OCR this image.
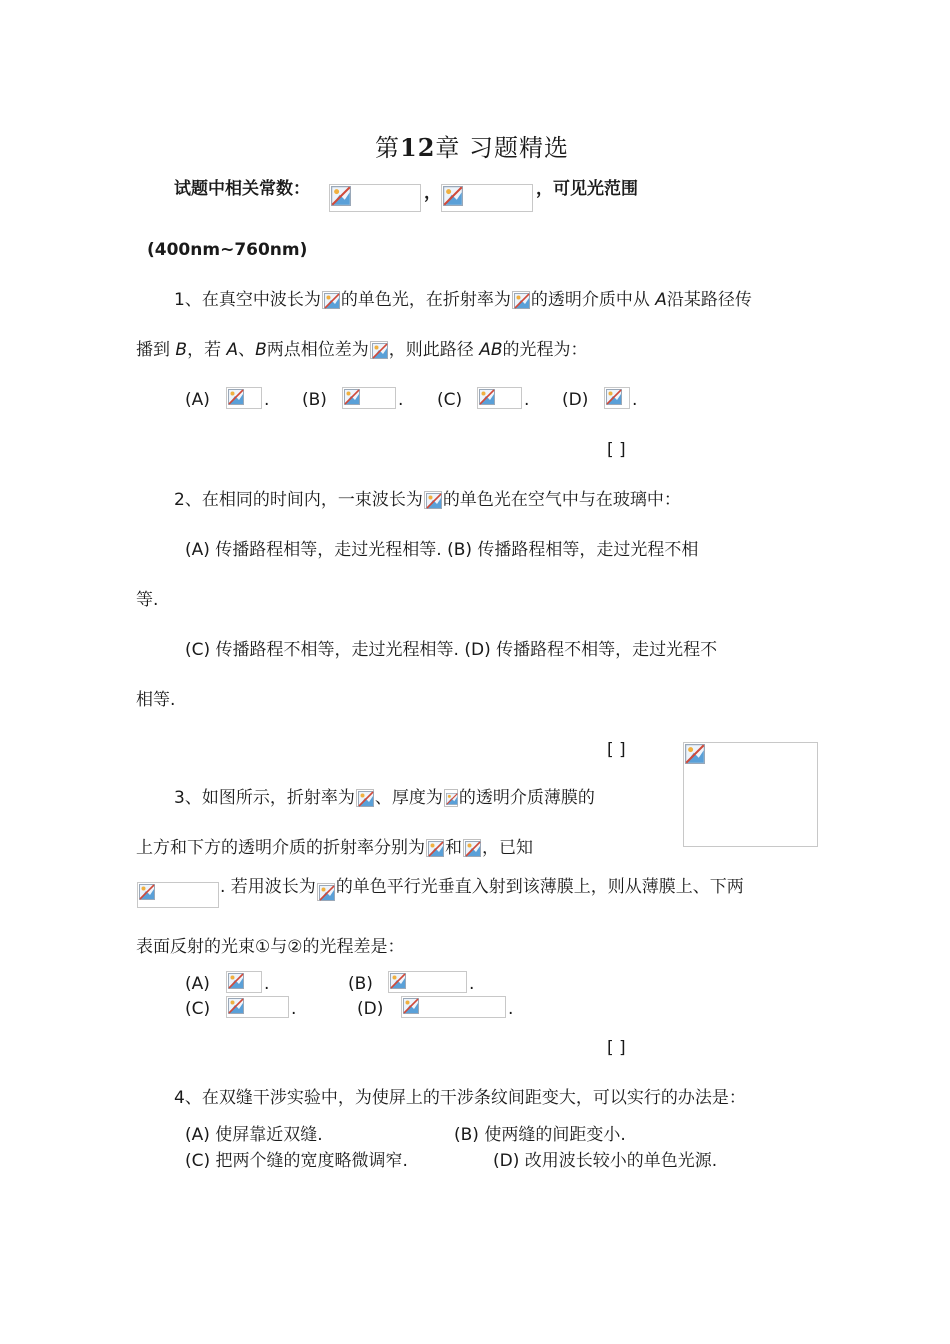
第12章 习题精选
试题中相关常数：	，	，可见光范围
(400nm~760nm)
1、在真空中波长为 的单色光，在折射率为 的透明介质中从 A沿某路径传
播到 B，若 A、B两点相位差为 ，则此路径 AB的光程为：
(A)	. (B)	. (C)	. (D)	.
[ ]
2、在相同的时间内，一束波长为 的单色光在空气中与在玻璃中：
(A) 传播路程相等，走过光程相等. (B) 传播路程相等，走过光程不相
等.
(C) 传播路程不相等，走过光程相等. (D) 传播路程不相等，走过光程不
相等.
[ ]
3、如图所示，折射率为 、厚度为 的透明介质薄膜的
上方和下方的透明介质的折射率分别为 和 ，已知
. 若用波长为 的单色平行光垂直入射到该薄膜上，则从薄膜上、下两
表面反射的光束①与②的光程差是：
(A)	.	(B)	.
(C)	.	(D)	.
[ ]
4、在双缝干涉实验中，为使屏上的干涉条纹间距变大，可以实行的办法是：
(A) 使屏靠近双缝.	(B) 使两缝的间距变小.
(C) 把两个缝的宽度略微调窄.	(D) 改用波长较小的单色光源.
